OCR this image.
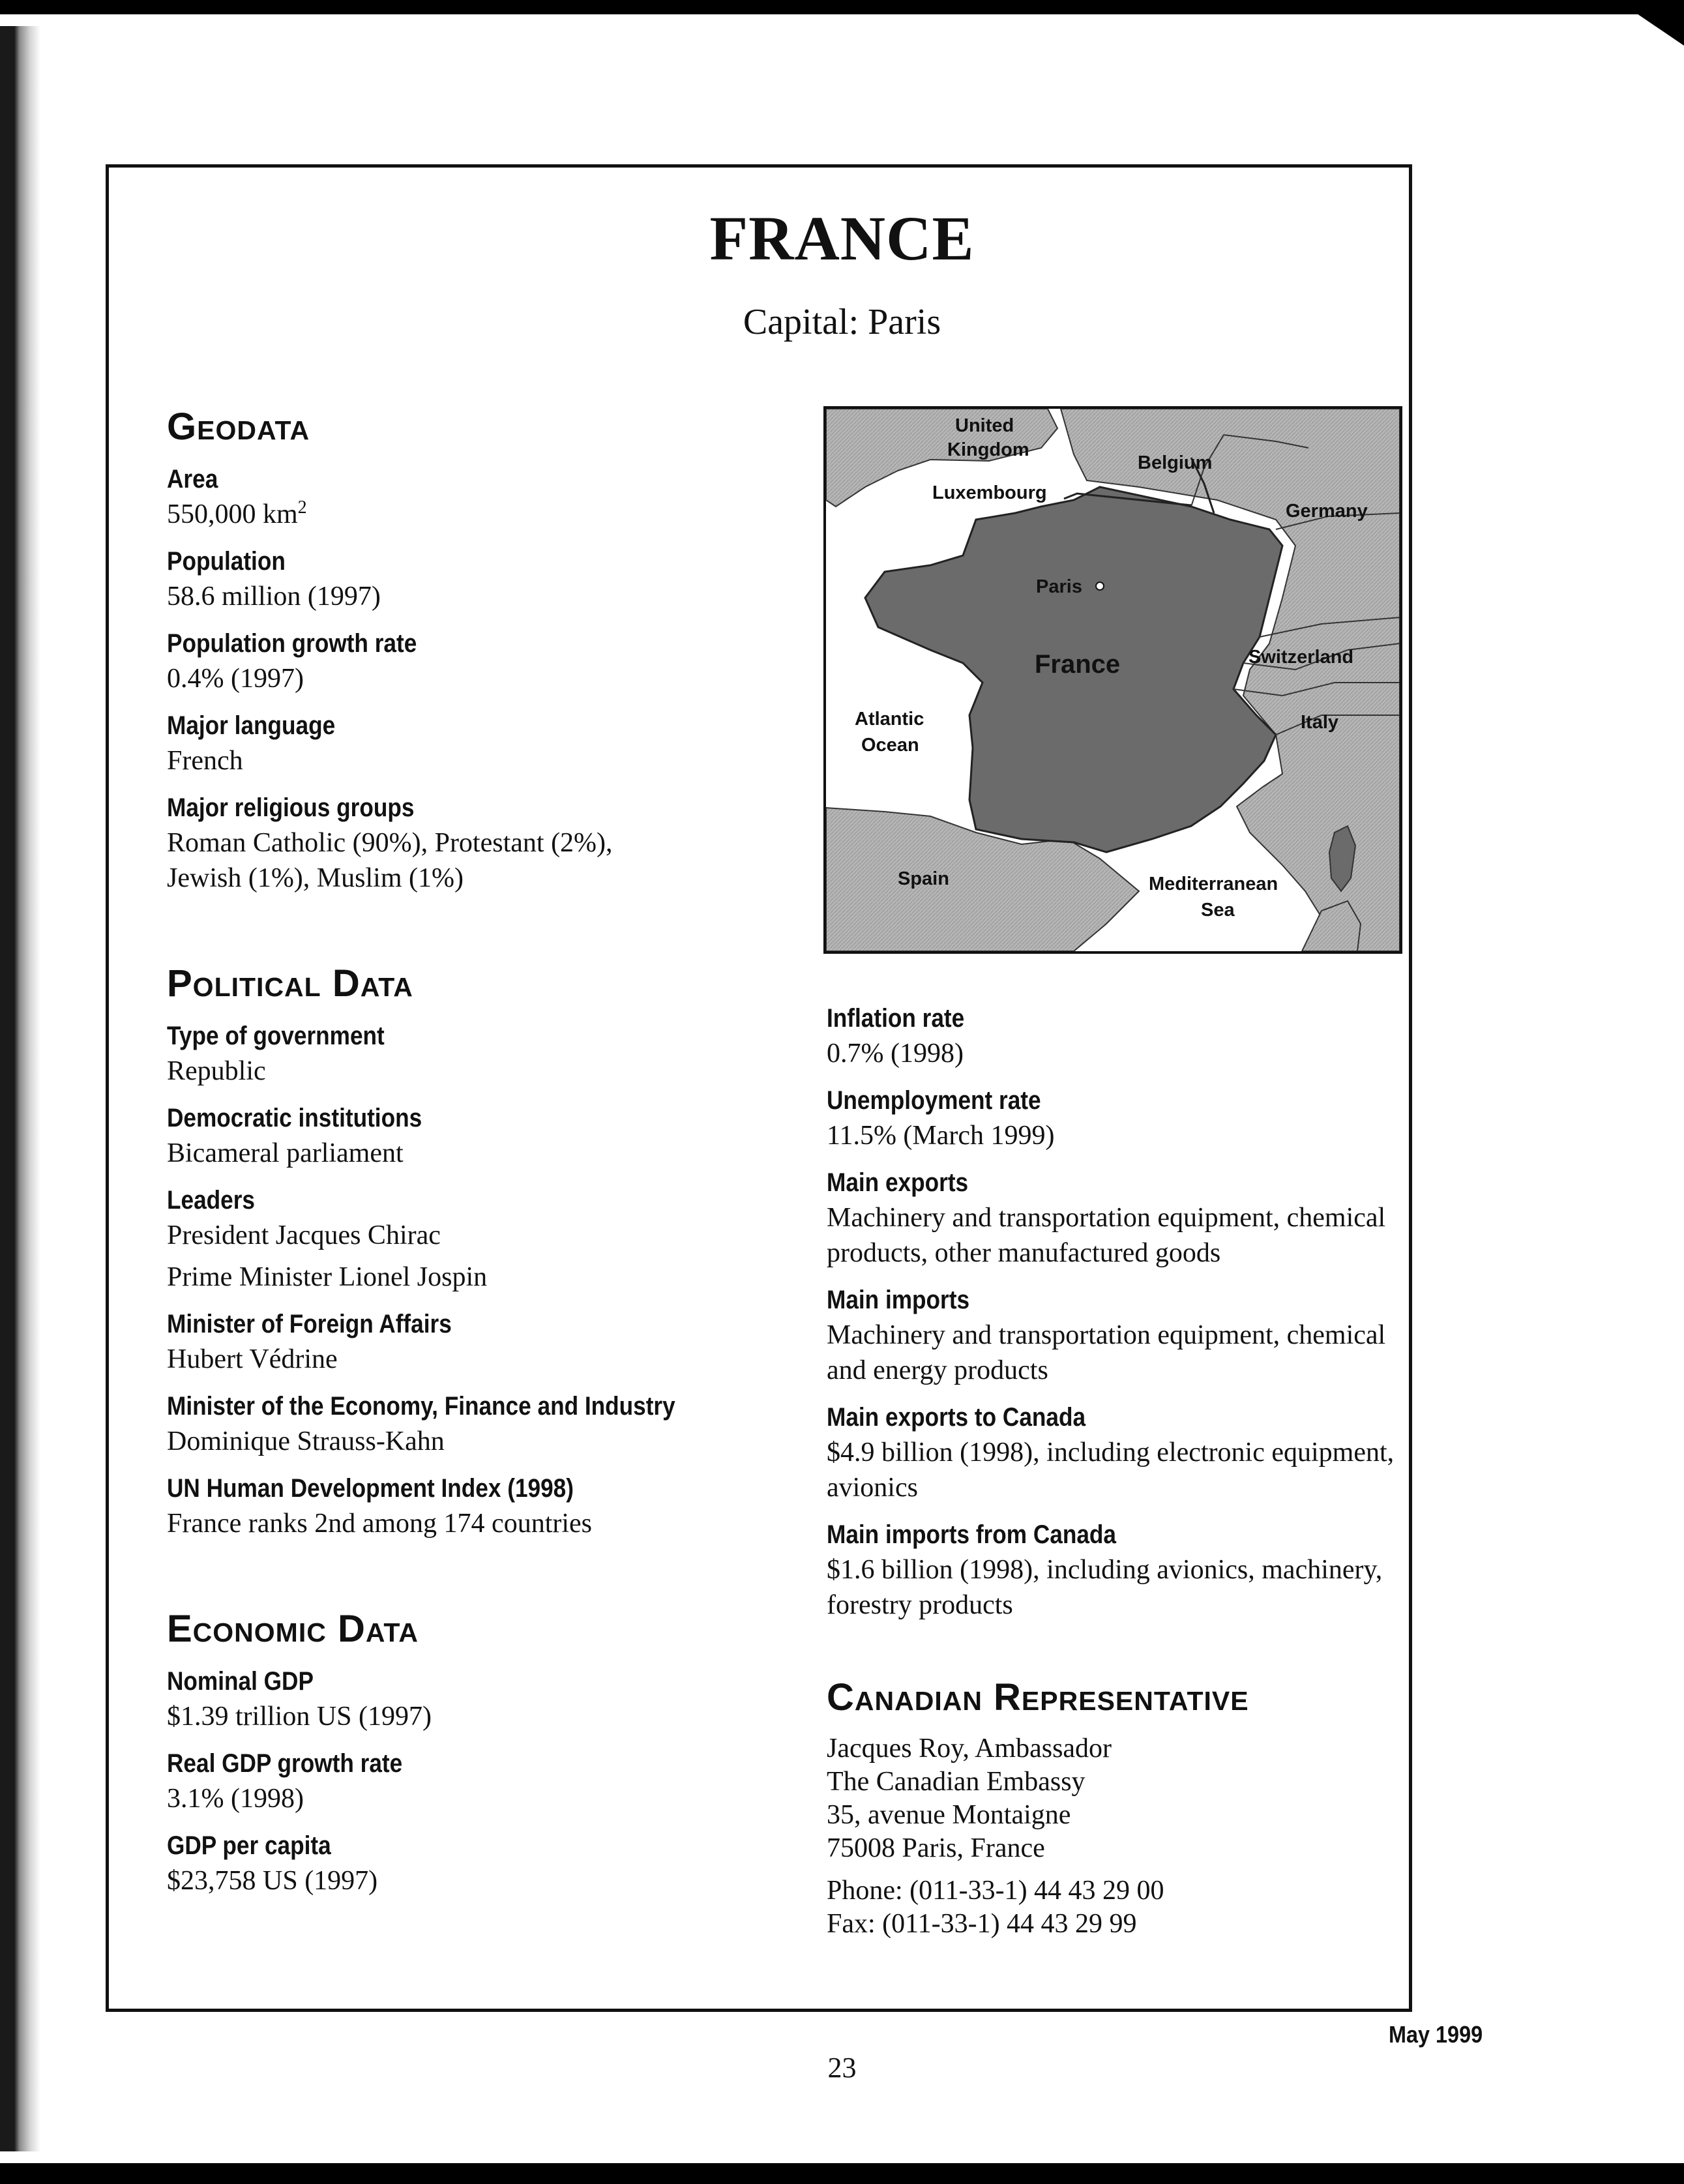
FRANCE
Capital: Paris
Geodata
Area
550,000 $km^2$
Population
58.6 million (1997)
Population growth rate
0.4% (1997)
Major language
French
Major religious groups
Roman Catholic (90%), Protestant (2%),
Jewish (1%), Muslim (1%)
Political Data
Type of government
Republic
Democratic institutions
Bicameral parliament
Leaders
President Jacques Chirac
Prime Minister Lionel Jospin
Minister of Foreign Affairs
Hubert Védrine
Minister of the Economy, Finance and Industry
Dominique Strauss-Kahn
UN Human Development Index (1998)
France ranks 2nd among 174 countries
Economic Data
Nominal GDP
$1.39 trillion US (1997)
Real GDP growth rate
3.1% (1998)
GDP per capita
$23,758 US (1997)
United
Kingdom
Belgium
Luxembourg
Germany
Paris
France	Switzerland
Italy
Atlantic
Ocean
Spain	Mediterranean
Sea
Inflation rate
0.7% (1998)
Unemployment rate
11.5% (March 1999)
Main exports
Machinery and transportation equipment, chemical
products, other manufactured goods
Main imports
Machinery and transportation equipment, chemical
and energy products
Main exports to Canada
$4.9 billion (1998), including electronic equipment,
avionics
Main imports from Canada
$1.6 billion (1998), including avionics, machinery,
forestry products
Canadian Representative
Jacques Roy, Ambassador
The Canadian Embassy
35, avenue Montaigne
75008 Paris, France
Phone: (011-33-1) 44 43 29 00
Fax: (011-33-1) 44 43 29 99
May 1999
23
